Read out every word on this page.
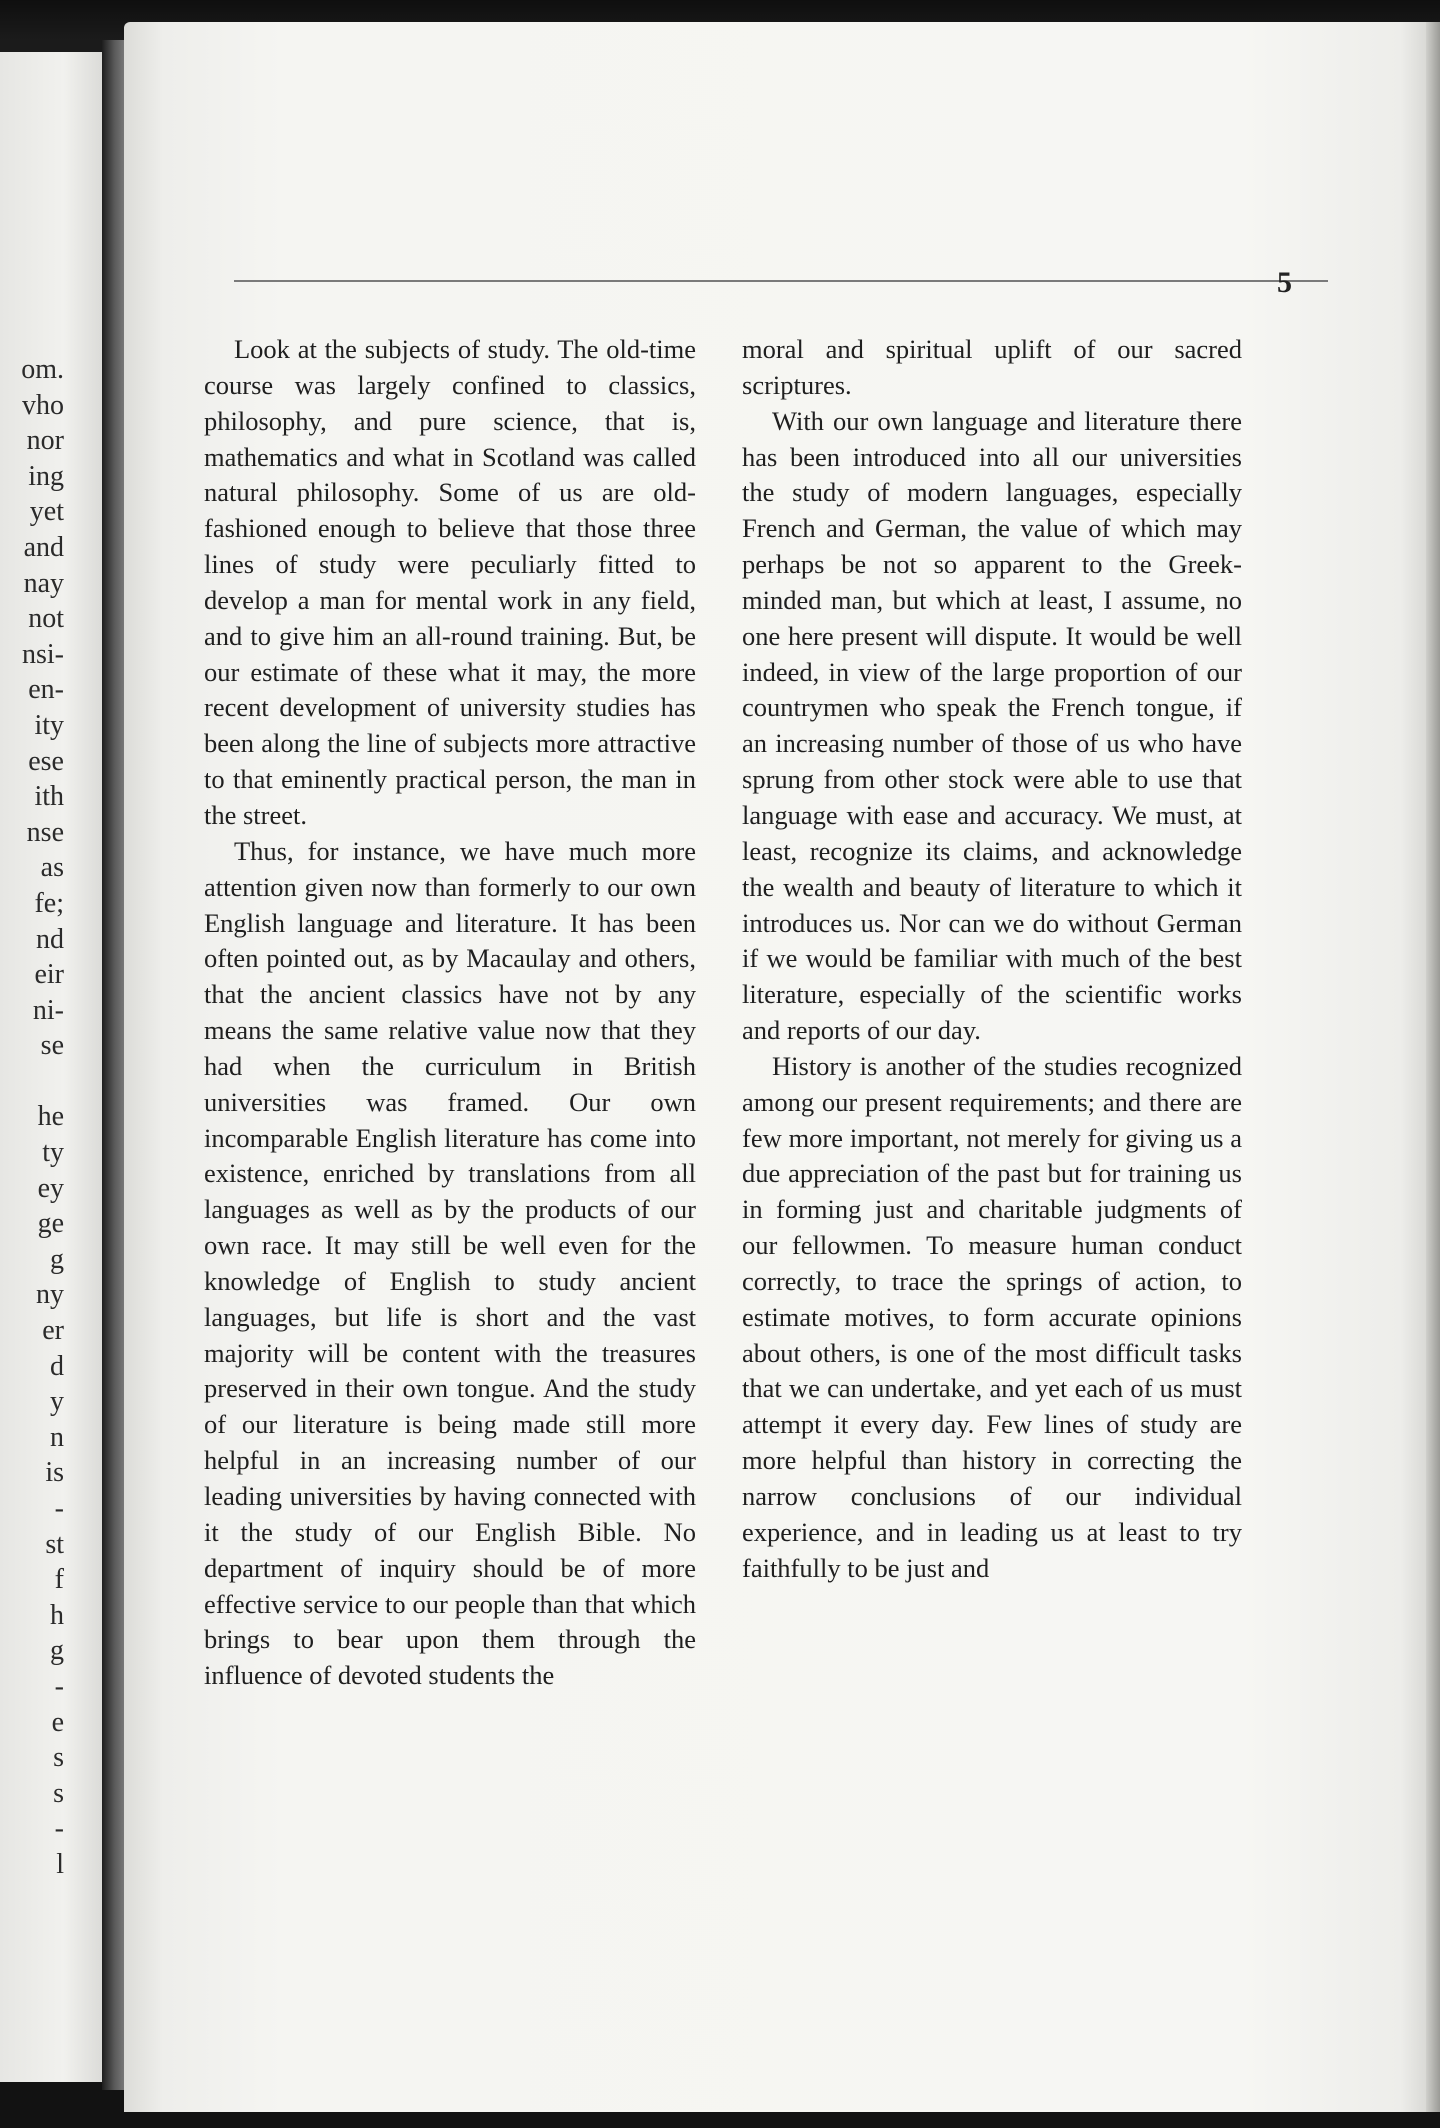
om.
vho
nor
ing
yet
and
nay
not
nsi-
en-
ity
ese
ith
nse
as
fe;
nd
eir
ni-
se
he
ty
ey
ge
g
ny
er
d
y
n
is
-
st
f
h
g
-
e
s
s
-
l
5

Look at the subjects of study. The old-time course was largely confined to classics, philosophy, and pure science, that is, mathematics and what in Scotland was called natural philosophy. Some of us are old-fashioned enough to believe that those three lines of study were peculiarly fitted to develop a man for mental work in any field, and to give him an all-round training. But, be our estimate of these what it may, the more recent development of university studies has been along the line of subjects more attractive to that eminently practical person, the man in the street.

Thus, for instance, we have much more attention given now than formerly to our own English language and literature. It has been often pointed out, as by Macaulay and others, that the ancient classics have not by any means the same relative value now that they had when the curriculum in British universities was framed. Our own incomparable English literature has come into existence, enriched by translations from all languages as well as by the products of our own race. It may still be well even for the knowledge of English to study ancient languages, but life is short and the vast majority will be content with the treasures preserved in their own tongue. And the study of our literature is being made still more helpful in an increasing number of our leading universities by having connected with it the study of our English Bible. No department of inquiry should be of more effective service to our people than that which brings to bear upon them through the influence of devoted students the

moral and spiritual uplift of our sacred scriptures.

With our own language and literature there has been introduced into all our universities the study of modern languages, especially French and German, the value of which may perhaps be not so apparent to the Greek-minded man, but which at least, I assume, no one here present will dispute. It would be well indeed, in view of the large proportion of our countrymen who speak the French tongue, if an increasing number of those of us who have sprung from other stock were able to use that language with ease and accuracy. We must, at least, recognize its claims, and acknowledge the wealth and beauty of literature to which it introduces us. Nor can we do without German if we would be familiar with much of the best literature, especially of the scientific works and reports of our day.

History is another of the studies recognized among our present requirements; and there are few more important, not merely for giving us a due appreciation of the past but for training us in forming just and charitable judgments of our fellowmen. To measure human conduct correctly, to trace the springs of action, to estimate motives, to form accurate opinions about others, is one of the most difficult tasks that we can undertake, and yet each of us must attempt it every day. Few lines of study are more helpful than history in correcting the narrow conclusions of our individual experience, and in leading us at least to try faithfully to be just and
